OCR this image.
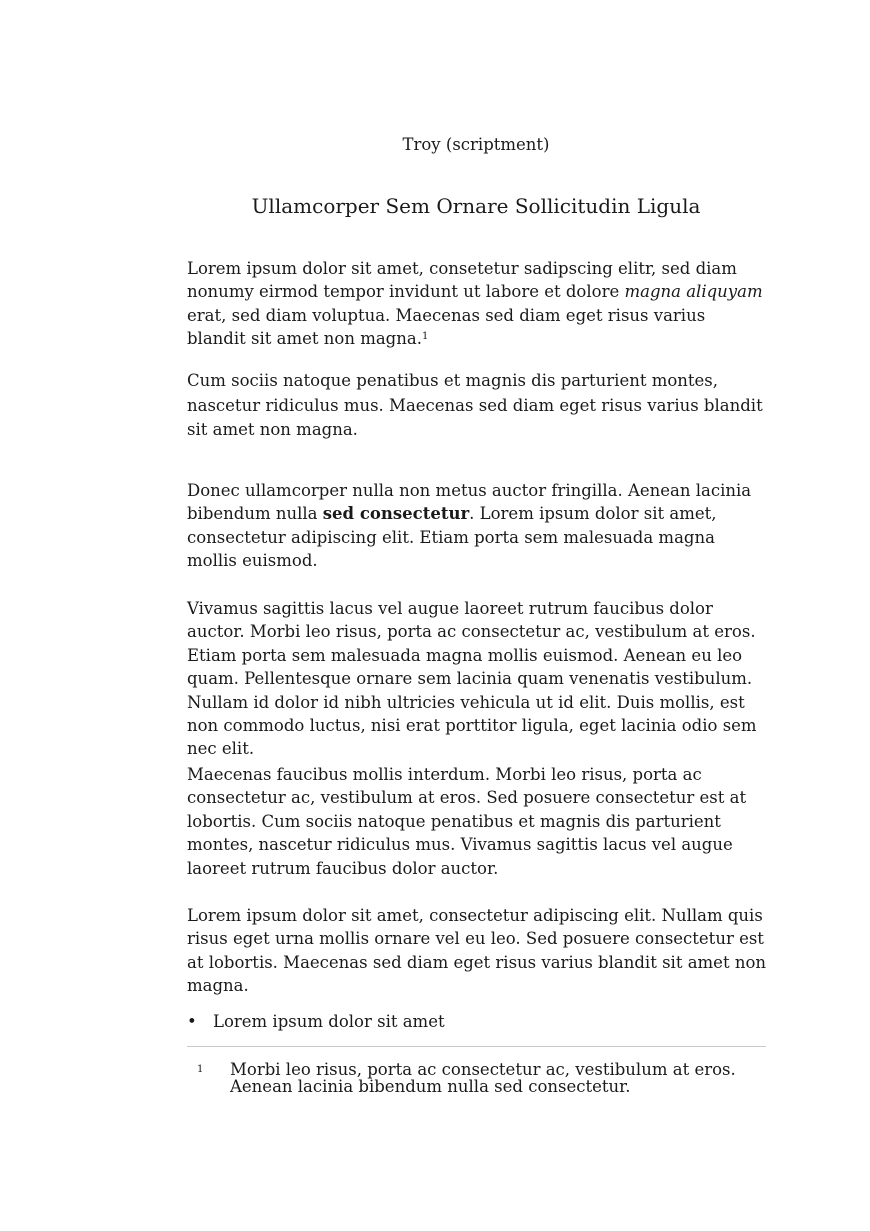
Troy (scriptment)
Ullamcorper Sem Ornare Sollicitudin Ligula

Lorem ipsum dolor sit amet, consetetur sadipscing elitr, sed diam nonumy eirmod tempor invidunt ut labore et dolore magna aliquyam erat, sed diam voluptua. Maecenas sed diam eget risus varius blandit sit amet non magna.$^1$

Cum sociis natoque penatibus et magnis dis parturient montes, nascetur ridiculus mus. Maecenas sed diam eget risus varius blandit sit amet non magna.

Donec ullamcorper nulla non metus auctor fringilla. Aenean lacinia bibendum nulla sed consectetur. Lorem ipsum dolor sit amet, consectetur adipiscing elit. Etiam porta sem malesuada magna mollis euismod.

Vivamus sagittis lacus vel augue laoreet rutrum faucibus dolor auctor. Morbi leo risus, porta ac consectetur ac, vestibulum at eros. Etiam porta sem malesuada magna mollis euismod. Aenean eu leo quam. Pellentesque ornare sem lacinia quam venenatis vestibulum. Nullam id dolor id nibh ultricies vehicula ut id elit. Duis mollis, est non commodo luctus, nisi erat porttitor ligula, eget lacinia odio sem nec elit.

Maecenas faucibus mollis interdum. Morbi leo risus, porta ac consectetur ac, vestibulum at eros. Sed posuere consectetur est at lobortis. Cum sociis natoque penatibus et magnis dis parturient montes, nascetur ridiculus mus. Vivamus sagittis lacus vel augue laoreet rutrum faucibus dolor auctor.

Lorem ipsum dolor sit amet, consectetur adipiscing elit. Nullam quis risus eget urna mollis ornare vel eu leo. Sed posuere consectetur est at lobortis. Maecenas sed diam eget risus varius blandit sit amet non magna.

• Lorem ipsum dolor sit amet
1 Morbi leo risus, porta ac consectetur ac, vestibulum at eros. Aenean lacinia bibendum nulla sed consectetur.
